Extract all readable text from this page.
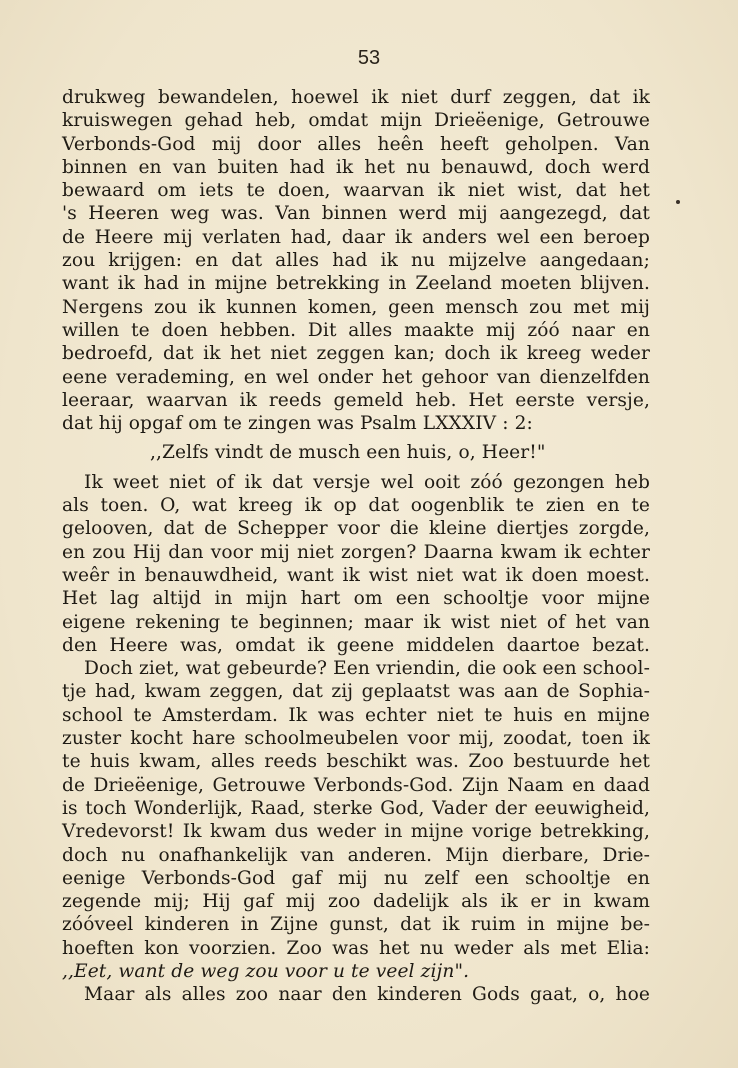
53
drukweg bewandelen, hoewel ik niet durf zeggen, dat ik
kruiswegen gehad heb, omdat mijn Drieëenige, Getrouwe
Verbonds-God mij door alles heên heeft geholpen. Van
binnen en van buiten had ik het nu benauwd, doch werd
bewaard om iets te doen, waarvan ik niet wist, dat het
's Heeren weg was. Van binnen werd mij aangezegd, dat
de Heere mij verlaten had, daar ik anders wel een beroep
zou krijgen: en dat alles had ik nu mijzelve aangedaan;
want ik had in mijne betrekking in Zeeland moeten blijven.
Nergens zou ik kunnen komen, geen mensch zou met mij
willen te doen hebben. Dit alles maakte mij zóó naar en
bedroefd, dat ik het niet zeggen kan; doch ik kreeg weder
eene verademing, en wel onder het gehoor van dienzelfden
leeraar, waarvan ik reeds gemeld heb. Het eerste versje,
dat hij opgaf om te zingen was Psalm LXXXIV : 2:
,,Zelfs vindt de musch een huis, o, Heer!"
Ik weet niet of ik dat versje wel ooit zóó gezongen heb
als toen. O, wat kreeg ik op dat oogenblik te zien en te
gelooven, dat de Schepper voor die kleine diertjes zorgde,
en zou Hij dan voor mij niet zorgen? Daarna kwam ik echter
weêr in benauwdheid, want ik wist niet wat ik doen moest.
Het lag altijd in mijn hart om een schooltje voor mijne
eigene rekening te beginnen; maar ik wist niet of het van
den Heere was, omdat ik geene middelen daartoe bezat.
Doch ziet, wat gebeurde? Een vriendin, die ook een school-
tje had, kwam zeggen, dat zij geplaatst was aan de Sophia-
school te Amsterdam. Ik was echter niet te huis en mijne
zuster kocht hare schoolmeubelen voor mij, zoodat, toen ik
te huis kwam, alles reeds beschikt was. Zoo bestuurde het
de Drieëenige, Getrouwe Verbonds-God. Zijn Naam en daad
is toch Wonderlijk, Raad, sterke God, Vader der eeuwigheid,
Vredevorst! Ik kwam dus weder in mijne vorige betrekking,
doch nu onafhankelijk van anderen. Mijn dierbare, Drie-
eenige Verbonds-God gaf mij nu zelf een schooltje en
zegende mij; Hij gaf mij zoo dadelijk als ik er in kwam
zóóveel kinderen in Zijne gunst, dat ik ruim in mijne be-
hoeften kon voorzien. Zoo was het nu weder als met Elia:
,,Eet, want de weg zou voor u te veel zijn".
Maar als alles zoo naar den kinderen Gods gaat, o, hoe
